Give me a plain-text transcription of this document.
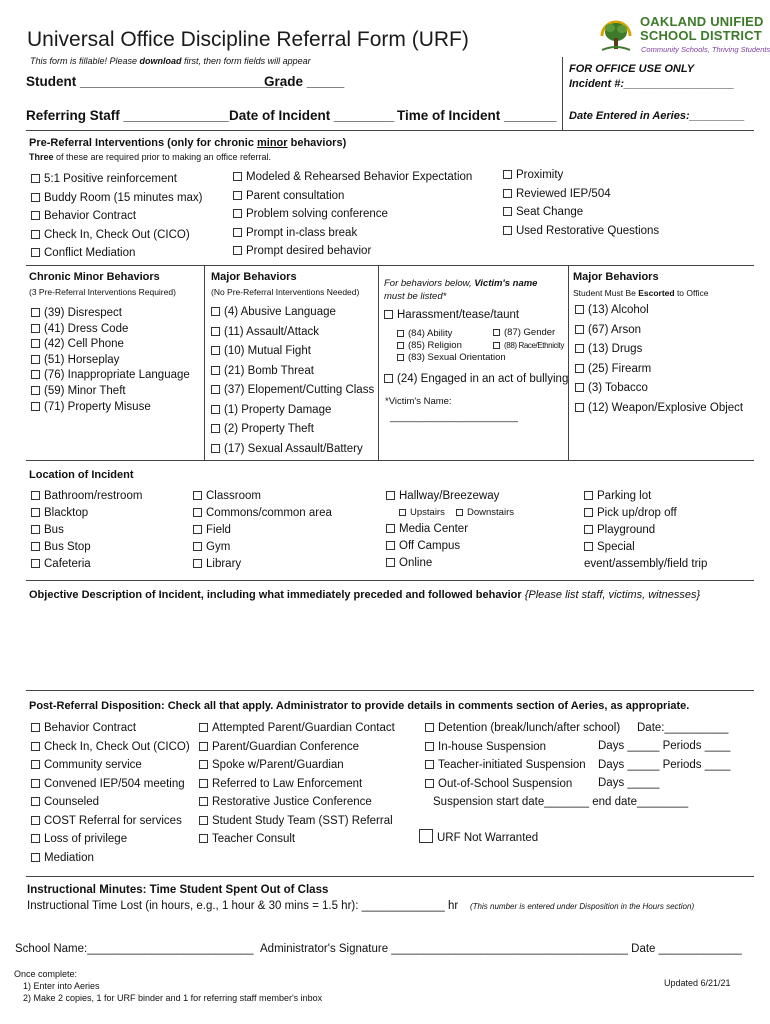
Universal Office Discipline Referral Form (URF)
This form is fillable! Please download first, then form fields will appear
OAKLAND UNIFIED
SCHOOL DISTRICT
Community Schools, Thriving Students
Student ___________________________
Grade _____
FOR OFFICE USE ONLY
Incident #:__________________
Referring Staff ______________ Date of Incident ________ Time of Incident _______ Date Entered in Aeries:_________
Pre-Referral Interventions (only for chronic minor behaviors)
Three of these are required prior to making an office referral.
5:1 Positive reinforcement
Buddy Room (15 minutes max)
Behavior Contract
Check In, Check Out (CICO)
Conflict Mediation
Modeled & Rehearsed Behavior Expectation
Parent consultation
Problem solving conference
Prompt in-class break
Prompt desired behavior
Proximity
Reviewed IEP/504
Seat Change
Used Restorative Questions
Chronic Minor Behaviors
(3 Pre-Referral Interventions Required)
(39) Disrespect
(41) Dress Code
(42) Cell Phone
(51) Horseplay
(76) Inappropriate Language
(59) Minor Theft
(71) Property Misuse
Major Behaviors
(No Pre-Referral Interventions Needed)
(4) Abusive Language
(11) Assault/Attack
(10) Mutual Fight
(21) Bomb Threat
(37) Elopement/Cutting Class
(1) Property Damage
(2) Property Theft
(17) Sexual Assault/Battery
For behaviors below, Victim's name
must be listed*
Harassment/tease/taunt
(84) Ability	(87) Gender
(85) Religion	(88) Race/Ethnicity
(83) Sexual Orientation
(24) Engaged in an act of bullying
*Victim's Name:
_______________________
Major Behaviors
Student Must Be Escorted to Office
(13) Alcohol
(67) Arson
(13) Drugs
(25) Firearm
(3) Tobacco
(12) Weapon/Explosive Object
Location of Incident
Bathroom/restroom
Blacktop
Bus
Bus Stop
Cafeteria
Classroom
Commons/common area
Field
Gym
Library
Hallway/Breezeway
Upstairs	Downstairs
Media Center
Off Campus
Online
Parking lot
Pick up/drop off
Playground
Special
event/assembly/field trip
Objective Description of Incident, including what immediately preceded and followed behavior {Please list staff, victims, witnesses}
Post-Referral Disposition: Check all that apply. Administrator to provide details in comments section of Aeries, as appropriate.
Behavior Contract
Check In, Check Out (CICO)
Community service
Convened IEP/504 meeting
Counseled
COST Referral for services
Loss of privilege
Mediation
Attempted Parent/Guardian Contact
Parent/Guardian Conference
Spoke w/Parent/Guardian
Referred to Law Enforcement
Restorative Justice Conference
Student Study Team (SST) Referral
Teacher Consult
Detention (break/lunch/after school)
In-house Suspension
Teacher-initiated Suspension
Out-of-School Suspension
Suspension start date_______ end date________
Date:__________
Days _____ Periods ____
Days _____ Periods ____
Days _____
URF Not Warranted
Instructional Minutes: Time Student Spent Out of Class
Instructional Time Lost (in hours, e.g., 1 hour & 30 mins = 1.5 hr): _____________ hr (This number is entered under Disposition in the Hours section)
School Name:__________________________ Administrator's Signature _____________________________________ Date _____________
Once complete:
1) Enter into Aeries
2) Make 2 copies, 1 for URF binder and 1 for referring staff member's inbox
Updated 6/21/21
